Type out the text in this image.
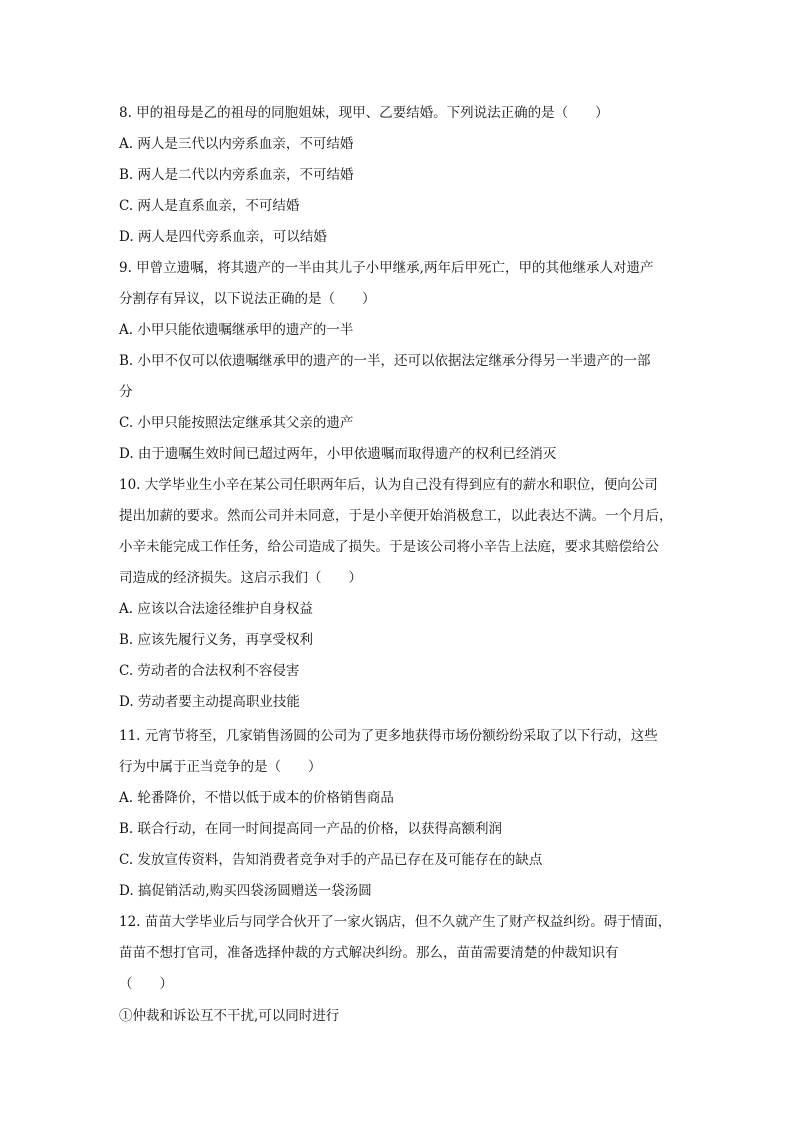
8. 甲的祖母是乙的祖母的同胞姐妹，现甲、乙要结婚。下列说法正确的是（　　）
A. 两人是三代以内旁系血亲，不可结婚
B. 两人是二代以内旁系血亲，不可结婚
C. 两人是直系血亲，不可结婚
D. 两人是四代旁系血亲，可以结婚
9. 甲曾立遗嘱，将其遗产的一半由其儿子小甲继承,两年后甲死亡，甲的其他继承人对遗产
分割存有异议，以下说法正确的是（　　）
A. 小甲只能依遗嘱继承甲的遗产的一半
B. 小甲不仅可以依遗嘱继承甲的遗产的一半，还可以依据法定继承分得另一半遗产的一部
分
C. 小甲只能按照法定继承其父亲的遗产
D. 由于遗嘱生效时间已超过两年，小甲依遗嘱而取得遗产的权利已经消灭
10. 大学毕业生小辛在某公司任职两年后，认为自己没有得到应有的薪水和职位，便向公司
提出加薪的要求。然而公司并未同意，于是小辛便开始消极怠工，以此表达不满。一个月后，
小辛未能完成工作任务，给公司造成了损失。于是该公司将小辛告上法庭，要求其赔偿给公
司造成的经济损失。这启示我们（　　）
A. 应该以合法途径维护自身权益
B. 应该先履行义务，再享受权利
C. 劳动者的合法权利不容侵害
D. 劳动者要主动提高职业技能
11. 元宵节将至，几家销售汤圆的公司为了更多地获得市场份额纷纷采取了以下行动，这些
行为中属于正当竞争的是（　　）
A. 轮番降价，不惜以低于成本的价格销售商品
B. 联合行动，在同一时间提高同一产品的价格，以获得高额利润
C. 发放宣传资料，告知消费者竞争对手的产品已存在及可能存在的缺点
D. 搞促销活动,购买四袋汤圆赠送一袋汤圆
12. 苗苗大学毕业后与同学合伙开了一家火锅店，但不久就产生了财产权益纠纷。碍于情面，
苗苗不想打官司，准备选择仲裁的方式解决纠纷。那么，苗苗需要清楚的仲裁知识有
（　　）
①仲裁和诉讼互不干扰,可以同时进行
